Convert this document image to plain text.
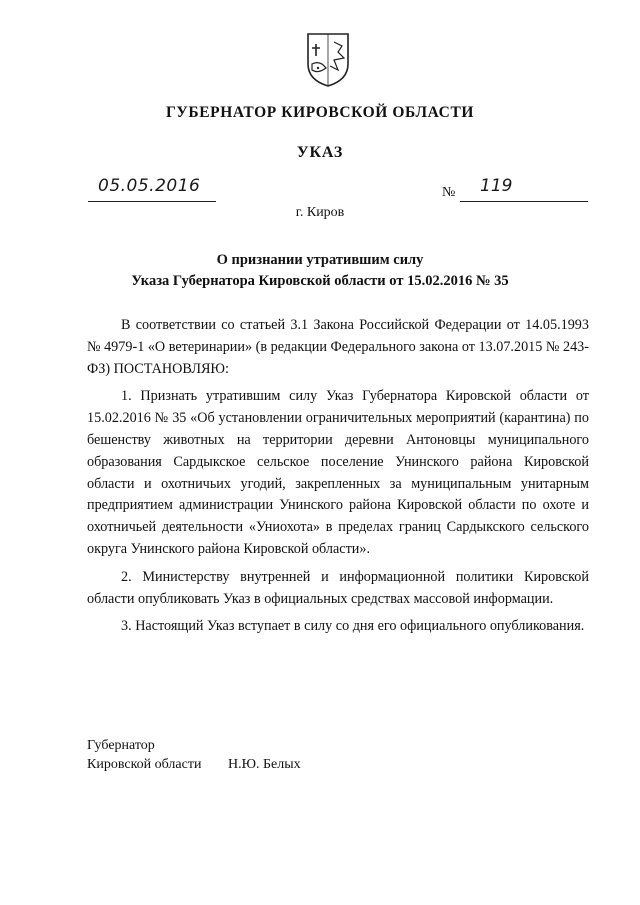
ГУБЕРНАТОР КИРОВСКОЙ ОБЛАСТИ
УКАЗ
05.05.2016	№ 119
г. Киров
О признании утратившим силу
Указа Губернатора Кировской области от 15.02.2016 № 35

В соответствии со статьей 3.1 Закона Российской Федерации от 14.05.1993 № 4979-1 «О ветеринарии» (в редакции Федерального закона от 13.07.2015 № 243-ФЗ) ПОСТАНОВЛЯЮ:

1. Признать утратившим силу Указ Губернатора Кировской области от 15.02.2016 № 35 «Об установлении ограничительных мероприятий (карантина) по бешенству животных на территории деревни Антоновцы муниципального образования Сардыкское сельское поселение Унинского района Кировской области и охотничьих угодий, закрепленных за муниципальным унитарным предприятием администрации Унинского района Кировской области по охоте и охотничьей деятельности «Униохота» в пределах границ Сардыкского сельского округа Унинского района Кировской области».

2. Министерству внутренней и информационной политики Кировской области опубликовать Указ в официальных средствах массовой информации.

3. Настоящий Указ вступает в силу со дня его официального опубликования.

Губернатор
Кировской области Н.Ю. Белых
